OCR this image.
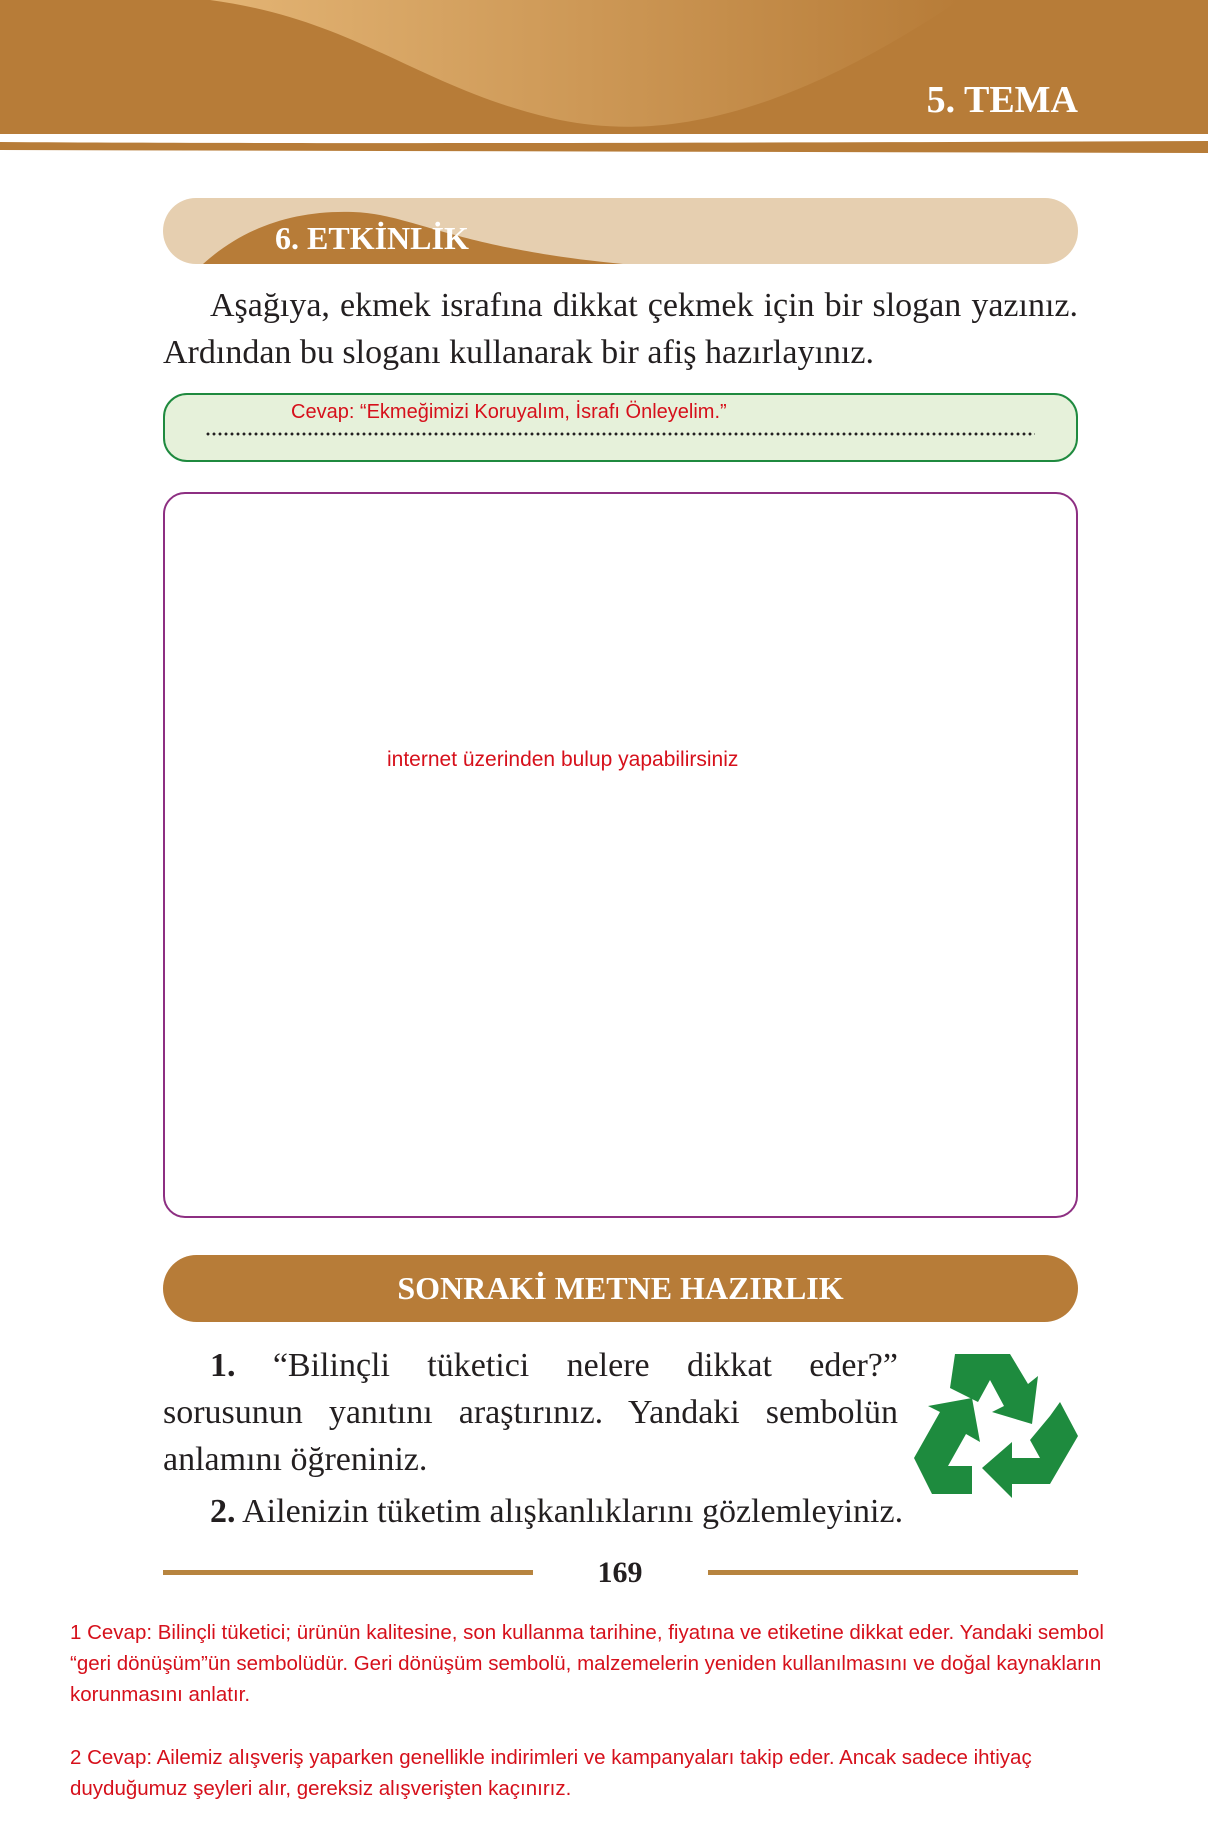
5. TEMA
6. ETKİNLİK
Aşağıya, ekmek israfına dikkat çekmek için bir slogan yazınız. Ardından bu sloganı kullanarak bir afiş hazırlayınız.
Cevap: “Ekmeğimizi Koruyalım, İsrafı Önleyelim.”
internet üzerinden bulup yapabilirsiniz
SONRAKİ METNE HAZIRLIK
1. “Bilinçli tüketici nelere dikkat eder?” sorusunun yanıtını araştırınız. Yandaki sembolün anlamını öğreniniz.
2. Ailenizin tüketim alışkanlıklarını gözlemleyiniz.
169
1 Cevap: Bilinçli tüketici; ürünün kalitesine, son kullanma tarihine, fiyatına ve etiketine dikkat eder. Yandaki sembol “geri dönüşüm”ün sembolüdür. Geri dönüşüm sembolü, malzemelerin yeniden kullanılmasını ve doğal kaynakların korunmasını anlatır.
2 Cevap: Ailemiz alışveriş yaparken genellikle indirimleri ve kampanyaları takip eder. Ancak sadece ihtiyaç duyduğumuz şeyleri alır, gereksiz alışverişten kaçınırız.
